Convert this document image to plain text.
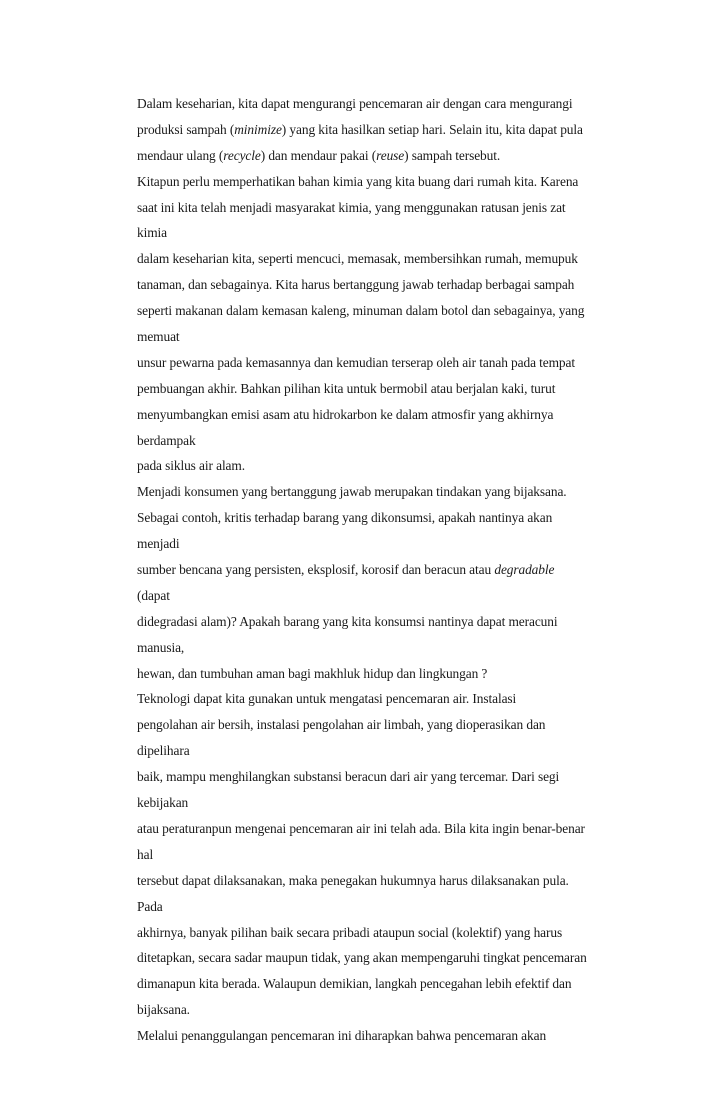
Dalam keseharian, kita dapat mengurangi pencemaran air dengan cara mengurangi
produksi sampah (minimize) yang kita hasilkan setiap hari. Selain itu, kita dapat pula
mendaur ulang (recycle) dan mendaur pakai (reuse) sampah tersebut.
Kitapun perlu memperhatikan bahan kimia yang kita buang dari rumah kita. Karena
saat ini kita telah menjadi masyarakat kimia, yang menggunakan ratusan jenis zat
kimia
dalam keseharian kita, seperti mencuci, memasak, membersihkan rumah, memupuk
tanaman, dan sebagainya. Kita harus bertanggung jawab terhadap berbagai sampah
seperti makanan dalam kemasan kaleng, minuman dalam botol dan sebagainya, yang
memuat
unsur pewarna pada kemasannya dan kemudian terserap oleh air tanah pada tempat
pembuangan akhir. Bahkan pilihan kita untuk bermobil atau berjalan kaki, turut
menyumbangkan emisi asam atu hidrokarbon ke dalam atmosfir yang akhirnya
berdampak
pada siklus air alam.
Menjadi konsumen yang bertanggung jawab merupakan tindakan yang bijaksana.
Sebagai contoh, kritis terhadap barang yang dikonsumsi, apakah nantinya akan
menjadi
sumber bencana yang persisten, eksplosif, korosif dan beracun atau degradable
(dapat
didegradasi alam)? Apakah barang yang kita konsumsi nantinya dapat meracuni
manusia,
hewan, dan tumbuhan aman bagi makhluk hidup dan lingkungan ?
Teknologi dapat kita gunakan untuk mengatasi pencemaran air. Instalasi
pengolahan air bersih, instalasi pengolahan air limbah, yang dioperasikan dan
dipelihara
baik, mampu menghilangkan substansi beracun dari air yang tercemar. Dari segi
kebijakan
atau peraturanpun mengenai pencemaran air ini telah ada. Bila kita ingin benar-benar
hal
tersebut dapat dilaksanakan, maka penegakan hukumnya harus dilaksanakan pula.
Pada
akhirnya, banyak pilihan baik secara pribadi ataupun social (kolektif) yang harus
ditetapkan, secara sadar maupun tidak, yang akan mempengaruhi tingkat pencemaran
dimanapun kita berada. Walaupun demikian, langkah pencegahan lebih efektif dan
bijaksana.
Melalui penanggulangan pencemaran ini diharapkan bahwa pencemaran akan
